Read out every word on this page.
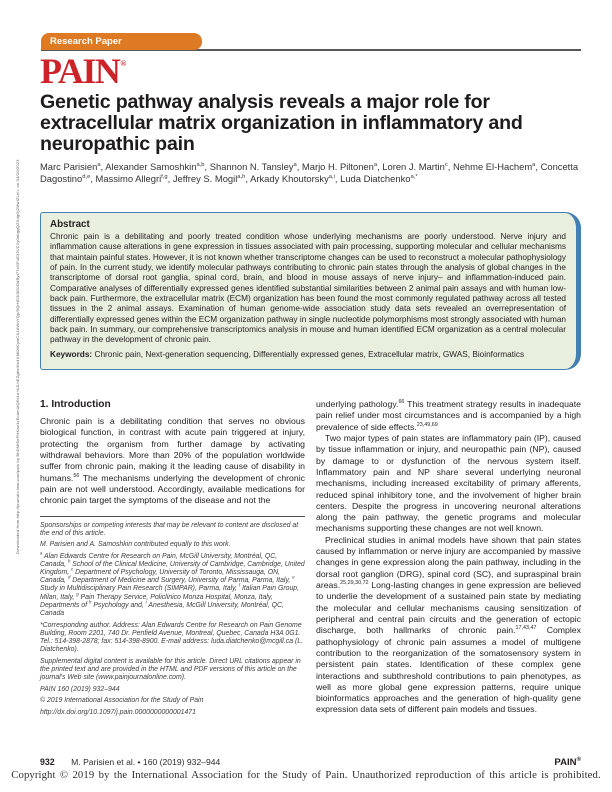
Downloaded from http://journals.lww.com/pain by BhDMf5ePHKav1zEoum1tQfN4a+kJLhEZgbsIHo4XMi0hCywCX1AWnYQp/IlQrHD3i3D0OdRyi7TvSFl4Cf3VC1y0abggQZXdgGj2MwlZLeI= on 04/10/2023
Research Paper
PAIN®
Genetic pathway analysis reveals a major role for extracellular matrix organization in inflammatory and neuropathic pain
Marc Parisien$^a$, Alexander Samoshkin$^{a,b}$, Shannon N. Tansley$^a$, Marjo H. Piltonen$^a$, Loren J. Martin$^c$, Nehme El-Hachem$^a$, Concetta Dagostino$^{d,e}$, Massimo Allegri$^{f,g}$, Jeffrey S. Mogil$^{a,h}$, Arkady Khoutorsky$^{a,i}$, Luda Diatchenko$^{a,*}$
Abstract

Chronic pain is a debilitating and poorly treated condition whose underlying mechanisms are poorly understood. Nerve injury and inflammation cause alterations in gene expression in tissues associated with pain processing, supporting molecular and cellular mechanisms that maintain painful states. However, it is not known whether transcriptome changes can be used to reconstruct a molecular pathophysiology of pain. In the current study, we identify molecular pathways contributing to chronic pain states through the analysis of global changes in the transcriptome of dorsal root ganglia, spinal cord, brain, and blood in mouse assays of nerve injury– and inflammation-induced pain. Comparative analyses of differentially expressed genes identified substantial similarities between 2 animal pain assays and with human low-back pain. Furthermore, the extracellular matrix (ECM) organization has been found the most commonly regulated pathway across all tested tissues in the 2 animal assays. Examination of human genome-wide association study data sets revealed an overrepresentation of differentially expressed genes within the ECM organization pathway in single nucleotide polymorphisms most strongly associated with human back pain. In summary, our comprehensive transcriptomics analysis in mouse and human identified ECM organization as a central molecular pathway in the development of chronic pain.

Keywords: Chronic pain, Next-generation sequencing, Differentially expressed genes, Extracellular matrix, GWAS, Bioinformatics

1. Introduction

Chronic pain is a debilitating condition that serves no obvious biological function, in contrast with acute pain triggered at injury, protecting the organism from further damage by activating withdrawal behaviors. More than 20% of the population worldwide suffer from chronic pain, making it the leading cause of disability in humans.$^{56}$ The mechanisms underlying the development of chronic pain are not well understood. Accordingly, available medications for chronic pain target the symptoms of the disease and not the

Sponsorships or competing interests that may be relevant to content are disclosed at the end of this article.

M. Parisien and A. Samoshkin contributed equally to this work.

$^a$ Alan Edwards Centre for Research on Pain, McGill University, Montréal, QC, Canada, $^b$ School of the Clinical Medicine, University of Cambridge, Cambridge, United Kingdom, $^c$ Department of Psychology, University of Toronto, Mississauga, ON, Canada, $^d$ Department of Medicine and Surgery, University of Parma, Parma, Italy, $^e$ Study in Multidisciplinary Pain Research (SIMPAR), Parma, Italy, $^f$ Italian Pain Group, Milan, Italy, $^g$ Pain Therapy Service, Policlinico Monza Hospital, Monza, Italy, Departments of $^h$ Psychology and, $^i$ Anesthesia, McGill University, Montréal, QC, Canada

*Corresponding author. Address: Alan Edwards Centre for Research on Pain Genome Building, Room 2201, 740 Dr. Penfield Avenue, Montreal, Quebec, Canada H3A 0G1. Tel.: 514-398-2878; fax: 514-398-8900. E-mail address: luda.diatchenko@mcgill.ca (L. Diatchenko).

Supplemental digital content is available for this article. Direct URL citations appear in the printed text and are provided in the HTML and PDF versions of this article on the journal's Web site (www.painjournalonline.com).

PAIN 160 (2019) 932–944

© 2019 International Association for the Study of Pain

http://dx.doi.org/10.1097/j.pain.0000000000001471

underlying pathology.$^{66}$ This treatment strategy results in inadequate pain relief under most circumstances and is accompanied by a high prevalence of side effects.$^{23,49,69}$

Two major types of pain states are inflammatory pain (IP), caused by tissue inflammation or injury, and neuropathic pain (NP), caused by damage to or dysfunction of the nervous system itself. Inflammatory pain and NP share several underlying neuronal mechanisms, including increased excitability of primary afferents, reduced spinal inhibitory tone, and the involvement of higher brain centers. Despite the progress in uncovering neuronal alterations along the pain pathway, the genetic programs and molecular mechanisms supporting these changes are not well known.

Preclinical studies in animal models have shown that pain states caused by inflammation or nerve injury are accompanied by massive changes in gene expression along the pain pathway, including in the dorsal root ganglion (DRG), spinal cord (SC), and supraspinal brain areas.$^{25,29,30,72}$ Long-lasting changes in gene expression are believed to underlie the development of a sustained pain state by mediating the molecular and cellular mechanisms causing sensitization of peripheral and central pain circuits and the generation of ectopic discharge, both hallmarks of chronic pain.$^{17,43,47}$ Complex pathophysiology of chronic pain assumes a model of multigene contribution to the reorganization of the somatosensory system in persistent pain states. Identification of these complex gene interactions and subthreshold contributions to pain phenotypes, as well as more global gene expression patterns, require unique bioinformatics approaches and the generation of high-quality gene expression data sets of different pain models and tissues.

932 M. Parisien et al. • 160 (2019) 932–944	PAIN®
Copyright © 2019 by the International Association for the Study of Pain. Unauthorized reproduction of this article is prohibited.
